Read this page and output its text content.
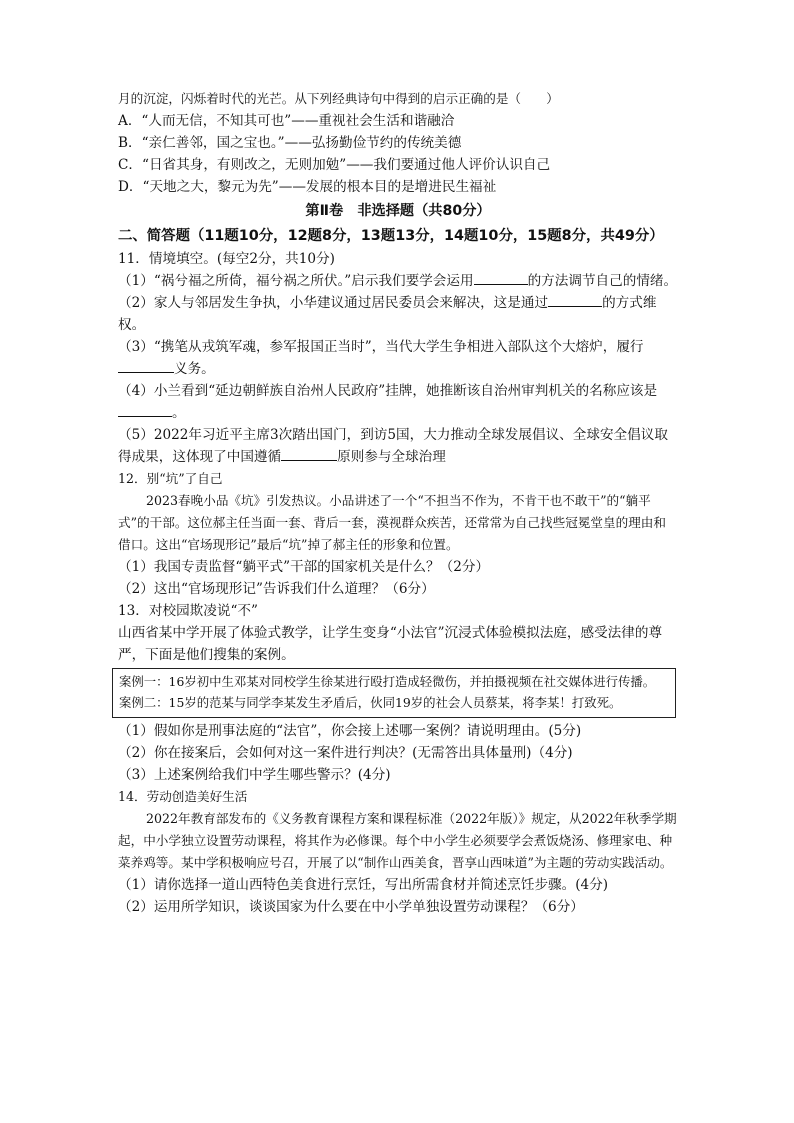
月的沉淀，闪烁着时代的光芒。从下列经典诗句中得到的启示正确的是（　　）

A．“人而无信，不知其可也”——重视社会生活和谐融洽

B．“亲仁善邻，国之宝也。”——弘扬勤俭节约的传统美德

C．“日省其身，有则改之，无则加勉”——我们要通过他人评价认识自己

D．“天地之大，黎元为先”——发展的根本目的是增进民生福祉

第Ⅱ卷　非选择题（共80分）

二、简答题（11题10分，12题8分，13题13分，14题10分，15题8分，共49分）

11．情境填空。(每空2分，共10分)

（1）“祸兮福之所倚，福兮祸之所伏。”启示我们要学会运用	的方法调节自己的情绪。

（2）家人与邻居发生争执，小华建议通过居民委员会来解决，这是通过	的方式维权。

（3）“携笔从戎筑军魂，参军报国正当时”，当代大学生争相进入部队这个大熔炉，履行义务。

（4）小兰看到“延边朝鲜族自治州人民政府”挂牌，她推断该自治州审判机关的名称应该是。

（5）2022年习近平主席3次踏出国门，到访5国，大力推动全球发展倡议、全球安全倡议取得成果，这体现了中国遵循	原则参与全球治理

12．别“坑”了自己

2023春晚小品《坑》引发热议。小品讲述了一个“不担当不作为，不肯干也不敢干”的“躺平式”的干部。这位郝主任当面一套、背后一套，漠视群众疾苦，还常常为自己找些冠冕堂皇的理由和借口。这出“官场现形记”最后“坑”掉了郝主任的形象和位置。

（1）我国专责监督“躺平式”干部的国家机关是什么？（2分）

（2）这出“官场现形记”告诉我们什么道理？（6分）

13．对校园欺凌说“不”

山西省某中学开展了体验式教学，让学生变身“小法官”沉浸式体验模拟法庭，感受法律的尊严，下面是他们搜集的案例。

案例一：16岁初中生邓某对同校学生徐某进行殴打造成轻微伤，并拍摄视频在社交媒体进行传播。

案例二：15岁的范某与同学李某发生矛盾后，伙同19岁的社会人员蔡某，将李某！打致死。

（1）假如你是刑事法庭的“法官”，你会接上述哪一案例？请说明理由。(5分)

（2）你在接案后，会如何对这一案件进行判决？(无需答出具体量刑)（4分)

（3）上述案例给我们中学生哪些警示？(4分)

14．劳动创造美好生活

2022年教育部发布的《义务教育课程方案和课程标准（2022年版）》规定，从2022年秋季学期起，中小学独立设置劳动课程，将其作为必修课。每个中小学生必须要学会煮饭烧汤、修理家电、种菜养鸡等。某中学积极响应号召，开展了以“制作山西美食，晋享山西味道”为主题的劳动实践活动。

（1）请你选择一道山西特色美食进行烹饪，写出所需食材并简述烹饪步骤。(4分)

（2）运用所学知识，谈谈国家为什么要在中小学单独设置劳动课程？（6分）
